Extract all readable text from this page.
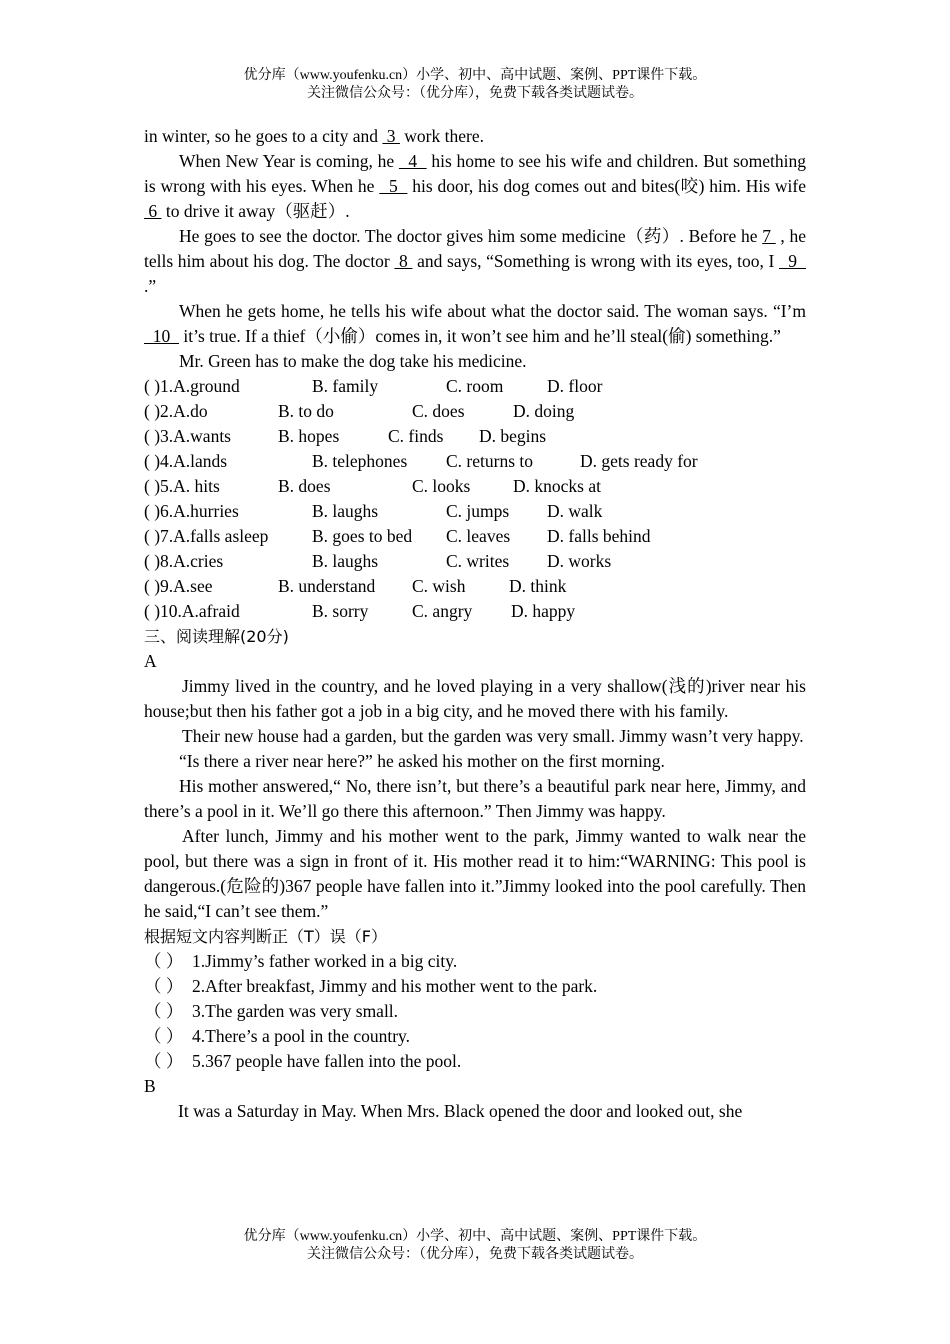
优分库（www.youfenku.cn）小学、初中、高中试题、案例、PPT课件下载。
关注微信公众号：（优分库），免费下载各类试题试卷。

in winter, so he goes to a city and  3  work there.

When New Year is coming, he   4   his home to see his wife and children. But something is wrong with his eyes. When he   5   his door, his dog comes out and bites(咬) him. His wife  6  to drive it away（驱赶）.

He goes to see the doctor. The doctor gives him some medicine（药）. Before he 7  , he tells him about his dog. The doctor  8  and says, “Something is wrong with its eyes, too, I   9   .”

When he gets home, he tells his wife about what the doctor said. The woman says. “I’m   10   it’s true. If a thief（小偷）comes in, it won’t see him and he’ll steal(偷) something.”

Mr. Green has to make the dog take his medicine.

( )1.A.ground	B. family	C. room D. floor
( )2.A.do	B. to do	C. does	D. doing
( )3.A.wants	B. hopes	C. finds D. begins
( )4.A.lands	B. telephones C. returns to	D. gets ready for
( )5.A. hits	B. does	C. looks D. knocks at
( )6.A.hurries	B. laughs	C. jumps D. walk
( )7.A.falls asleep B. goes to bed C. leaves D. falls behind
( )8.A.cries	B. laughs	C. writes D. works
( )9.A.see	B. understand C. wish D. think
( )10.A.afraid	B. sorry C. angry D. happy

三、阅读理解(20分)

A

Jimmy lived in the country, and he loved playing in a very shallow(浅的)river near his house;but then his father got a job in a big city, and he moved there with his family.

Their new house had a garden, but the garden was very small. Jimmy wasn’t very happy.

“Is there a river near here?” he asked his mother on the first morning.

His mother answered,“ No, there isn’t, but there’s a beautiful park near here, Jimmy, and there’s a pool in it. We’ll go there this afternoon.” Then Jimmy was happy.

After lunch, Jimmy and his mother went to the park, Jimmy wanted to walk near the pool, but there was a sign in front of it. His mother read it to him:“WARNING: This pool is dangerous.(危险的)367 people have fallen into it.”Jimmy looked into the pool carefully. Then he said,“I can’t see them.”

根据短文内容判断正（T）误（F）

（ ） 1.Jimmy’s father worked in a big city.
（ ） 2.After breakfast, Jimmy and his mother went to the park.
（ ） 3.The garden was very small.
（ ） 4.There’s a pool in the country.
（ ） 5.367 people have fallen into the pool.

B

It was a Saturday in May. When Mrs. Black opened the door and looked out, she

优分库（www.youfenku.cn）小学、初中、高中试题、案例、PPT课件下载。
关注微信公众号：（优分库），免费下载各类试题试卷。
